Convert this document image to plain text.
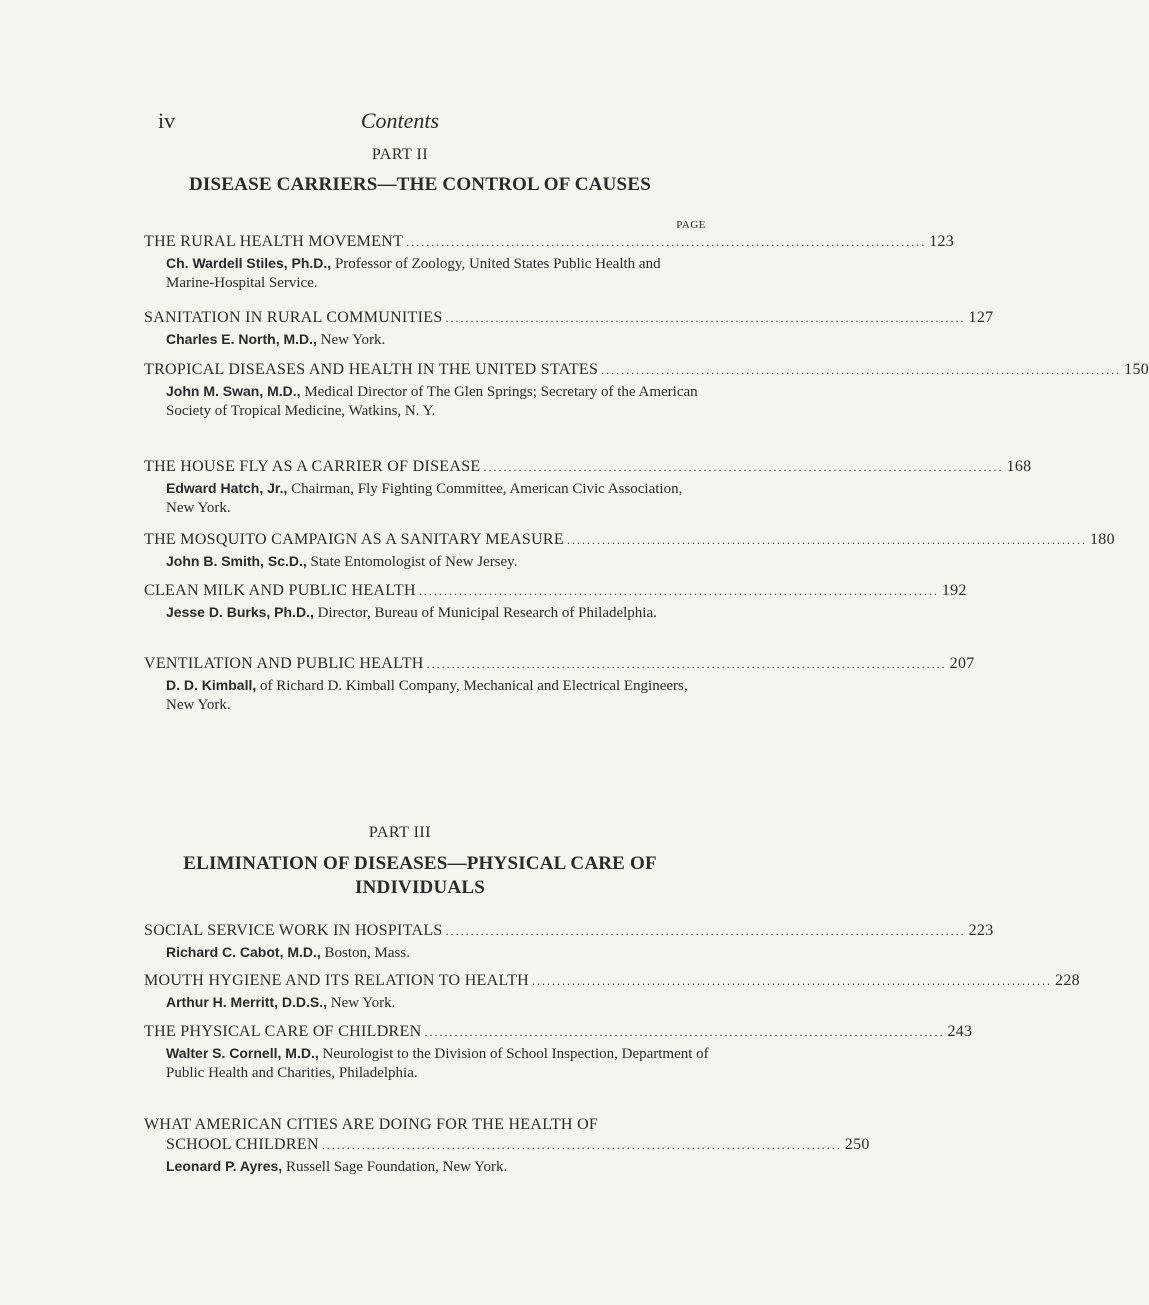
iv	Contents
PART II
DISEASE CARRIERS—THE CONTROL OF CAUSES
PAGE
THE RURAL HEALTH MOVEMENT ........................................................................................................ 123
Ch. Wardell Stiles, Ph.D., Professor of Zoology, United States Public Health and Marine-Hospital Service.
SANITATION IN RURAL COMMUNITIES ........................................................................................................ 127
Charles E. North, M.D., New York.
TROPICAL DISEASES AND HEALTH IN THE UNITED STATES ........................................................................................................ 150
John M. Swan, M.D., Medical Director of The Glen Springs; Secretary of the American Society of Tropical Medicine, Watkins, N. Y.
THE HOUSE FLY AS A CARRIER OF DISEASE ........................................................................................................ 168
Edward Hatch, Jr., Chairman, Fly Fighting Committee, American Civic Association, New York.
THE MOSQUITO CAMPAIGN AS A SANITARY MEASURE ........................................................................................................ 180
John B. Smith, Sc.D., State Entomologist of New Jersey.
CLEAN MILK AND PUBLIC HEALTH ........................................................................................................ 192
Jesse D. Burks, Ph.D., Director, Bureau of Municipal Research of Philadelphia.
VENTILATION AND PUBLIC HEALTH ........................................................................................................ 207
D. D. Kimball, of Richard D. Kimball Company, Mechanical and Electrical Engineers, New York.
PART III
ELIMINATION OF DISEASES—PHYSICAL CARE OF INDIVIDUALS
SOCIAL SERVICE WORK IN HOSPITALS ........................................................................................................ 223
Richard C. Cabot, M.D., Boston, Mass.
MOUTH HYGIENE AND ITS RELATION TO HEALTH ........................................................................................................ 228
Arthur H. Merritt, D.D.S., New York.
THE PHYSICAL CARE OF CHILDREN ........................................................................................................ 243
Walter S. Cornell, M.D., Neurologist to the Division of School Inspection, Department of Public Health and Charities, Philadelphia.
WHAT AMERICAN CITIES ARE DOING FOR THE HEALTH OF
SCHOOL CHILDREN ........................................................................................................ 250
Leonard P. Ayres, Russell Sage Foundation, New York.
